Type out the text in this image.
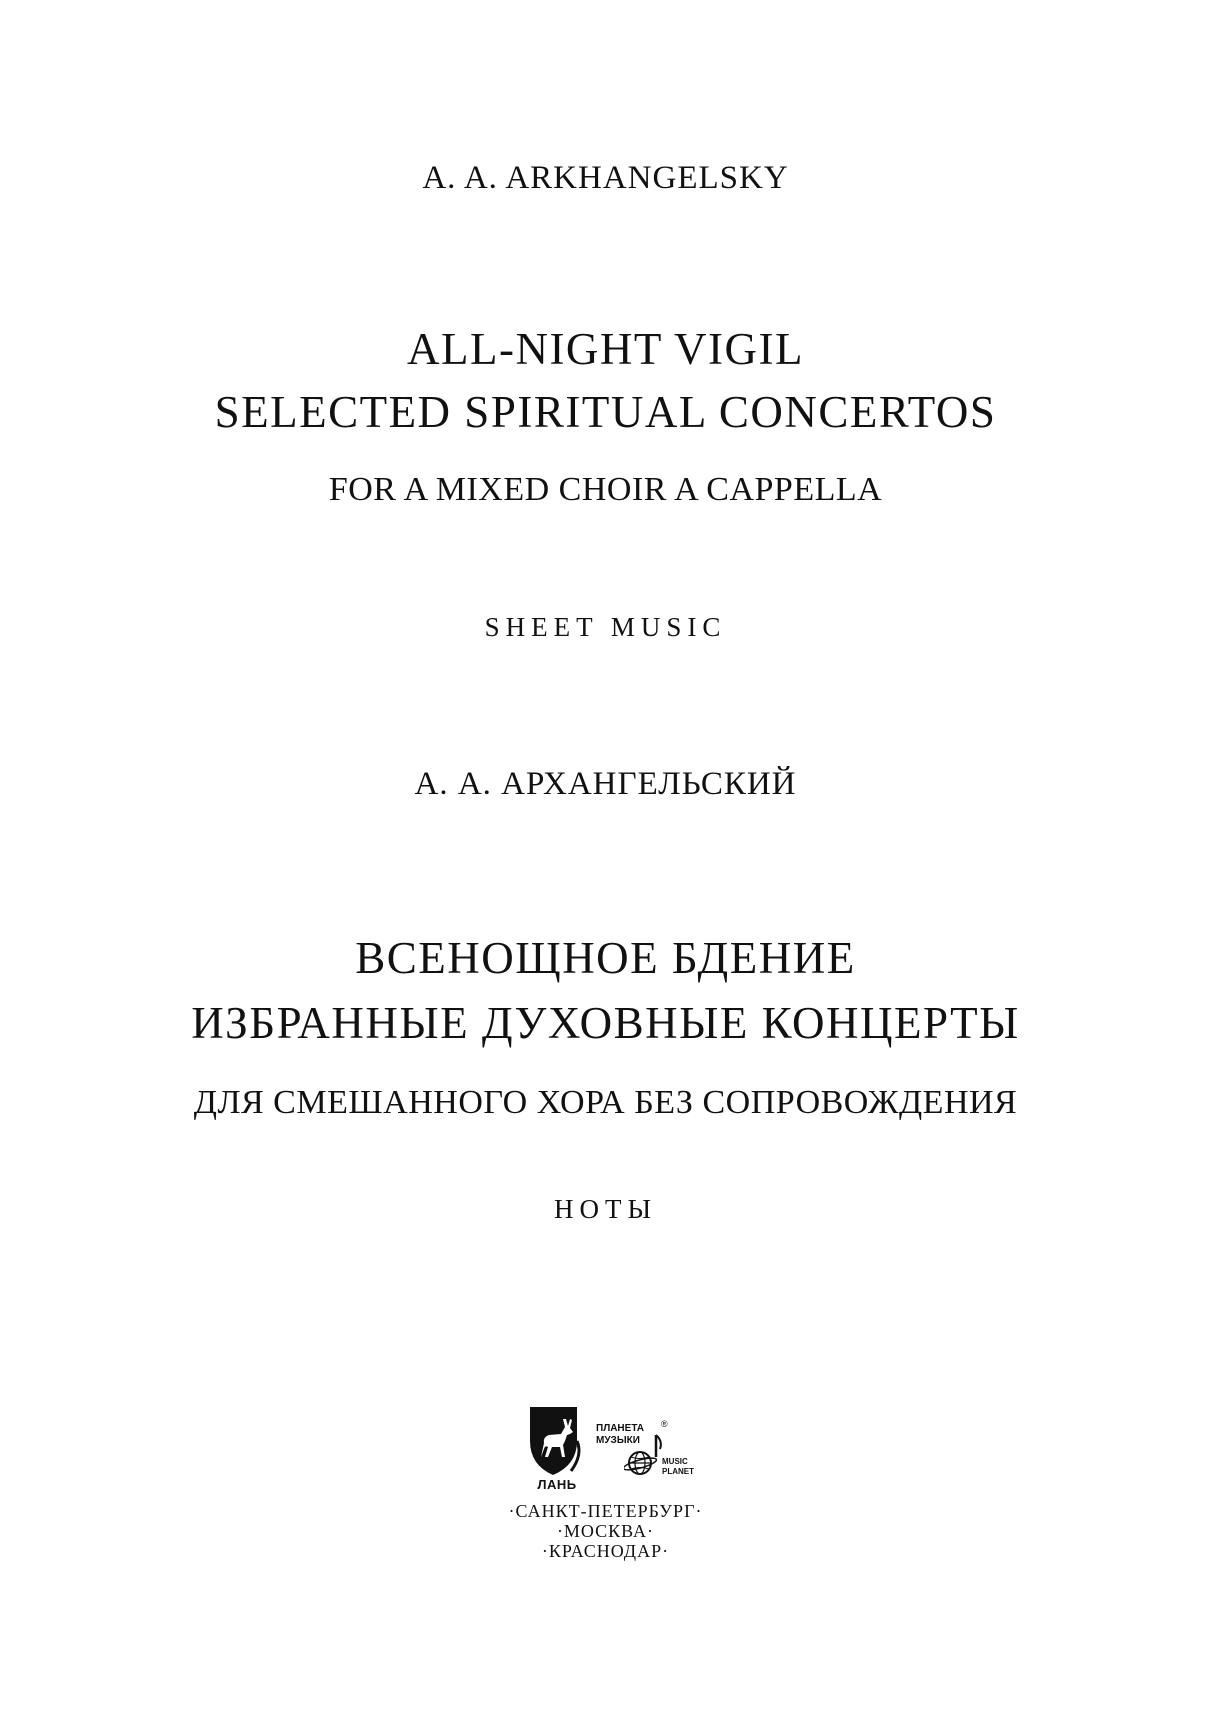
A. A. ARKHANGELSKY
ALL-NIGHT VIGIL
SELECTED SPIRITUAL CONCERTOS
FOR A MIXED CHOIR A CAPPELLA
SHEET MUSIC
А. А. АРХАНГЕЛЬСКИЙ
ВСЕНОЩНОЕ БДЕНИЕ
ИЗБРАННЫЕ ДУХОВНЫЕ КОНЦЕРТЫ
ДЛЯ СМЕШАННОГО ХОРА БЕЗ СОПРОВОЖДЕНИЯ
НОТЫ
ЛАНЬ
ПЛАНЕТА
МУЗЫКИ
®
MUSIC
PLANET
·САНКТ-ПЕТЕРБУРГ·
·МОСКВА·
·КРАСНОДАР·
